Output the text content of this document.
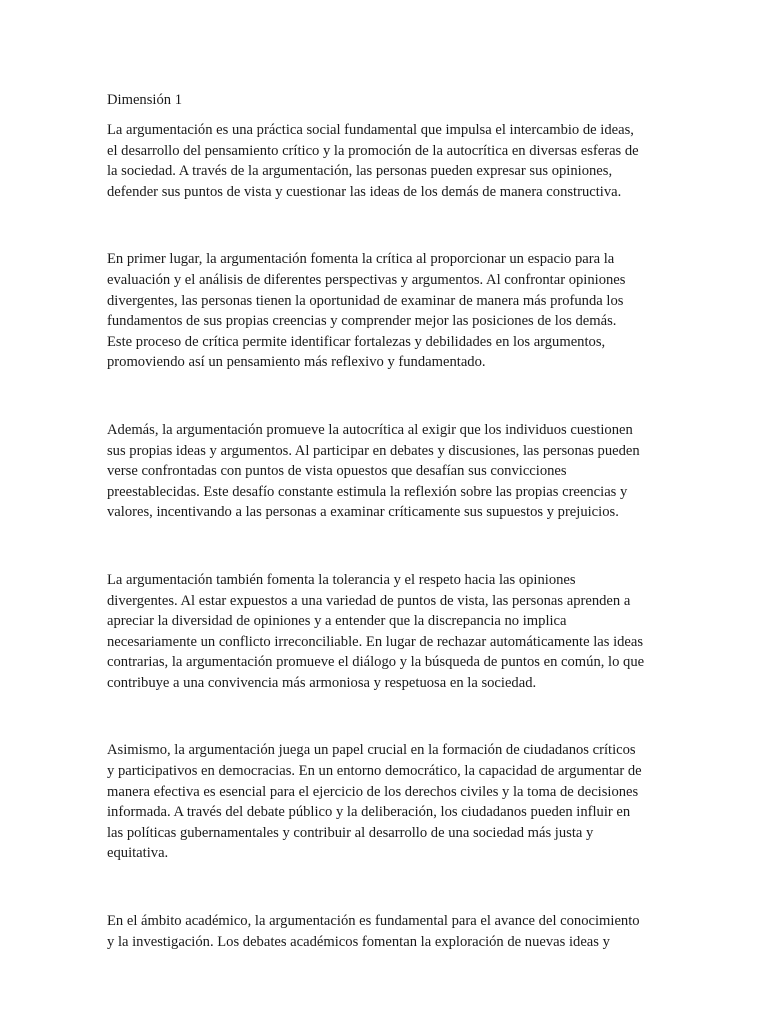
Dimensión 1
La argumentación es una práctica social fundamental que impulsa el intercambio de ideas,
el desarrollo del pensamiento crítico y la promoción de la autocrítica en diversas esferas de
la sociedad. A través de la argumentación, las personas pueden expresar sus opiniones,
defender sus puntos de vista y cuestionar las ideas de los demás de manera constructiva.
En primer lugar, la argumentación fomenta la crítica al proporcionar un espacio para la
evaluación y el análisis de diferentes perspectivas y argumentos. Al confrontar opiniones
divergentes, las personas tienen la oportunidad de examinar de manera más profunda los
fundamentos de sus propias creencias y comprender mejor las posiciones de los demás.
Este proceso de crítica permite identificar fortalezas y debilidades en los argumentos,
promoviendo así un pensamiento más reflexivo y fundamentado.
Además, la argumentación promueve la autocrítica al exigir que los individuos cuestionen
sus propias ideas y argumentos. Al participar en debates y discusiones, las personas pueden
verse confrontadas con puntos de vista opuestos que desafían sus convicciones
preestablecidas. Este desafío constante estimula la reflexión sobre las propias creencias y
valores, incentivando a las personas a examinar críticamente sus supuestos y prejuicios.
La argumentación también fomenta la tolerancia y el respeto hacia las opiniones
divergentes. Al estar expuestos a una variedad de puntos de vista, las personas aprenden a
apreciar la diversidad de opiniones y a entender que la discrepancia no implica
necesariamente un conflicto irreconciliable. En lugar de rechazar automáticamente las ideas
contrarias, la argumentación promueve el diálogo y la búsqueda de puntos en común, lo que
contribuye a una convivencia más armoniosa y respetuosa en la sociedad.
Asimismo, la argumentación juega un papel crucial en la formación de ciudadanos críticos
y participativos en democracias. En un entorno democrático, la capacidad de argumentar de
manera efectiva es esencial para el ejercicio de los derechos civiles y la toma de decisiones
informada. A través del debate público y la deliberación, los ciudadanos pueden influir en
las políticas gubernamentales y contribuir al desarrollo de una sociedad más justa y
equitativa.
En el ámbito académico, la argumentación es fundamental para el avance del conocimiento
y la investigación. Los debates académicos fomentan la exploración de nuevas ideas y
